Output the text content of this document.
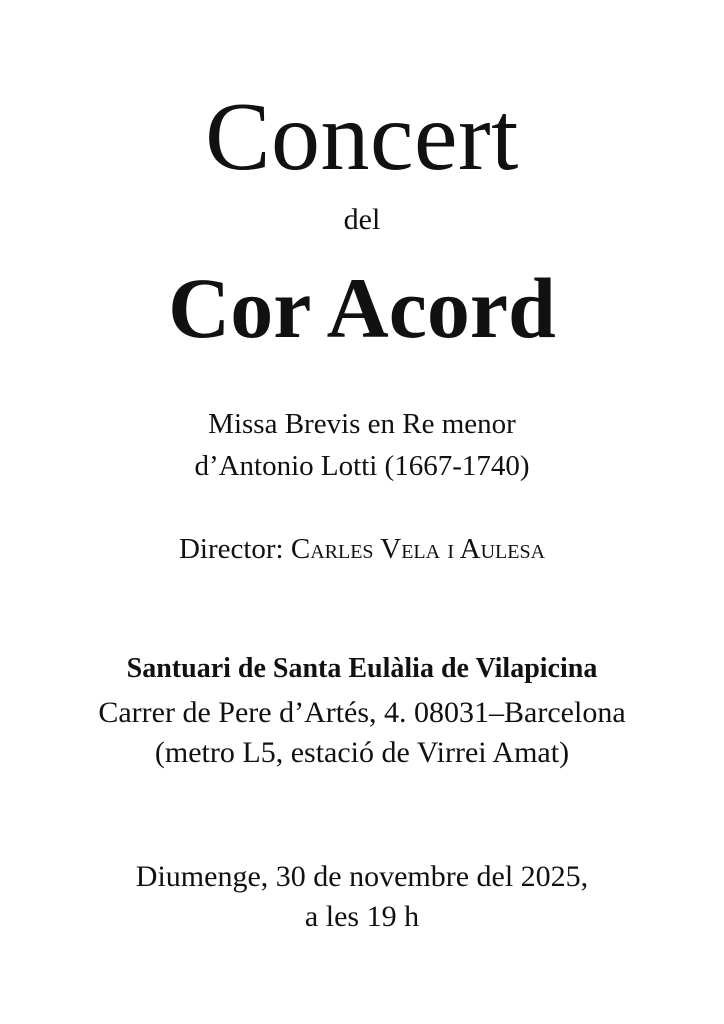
Concert
del
Cor Acord
Missa Brevis en Re menor
d’Antonio Lotti (1667-1740)
Director: Carles Vela i Aulesa
Santuari de Santa Eulàlia de Vilapicina
Carrer de Pere d’Artés, 4. 08031–Barcelona
(metro L5, estació de Virrei Amat)
Diumenge, 30 de novembre del 2025,
a les 19 h
